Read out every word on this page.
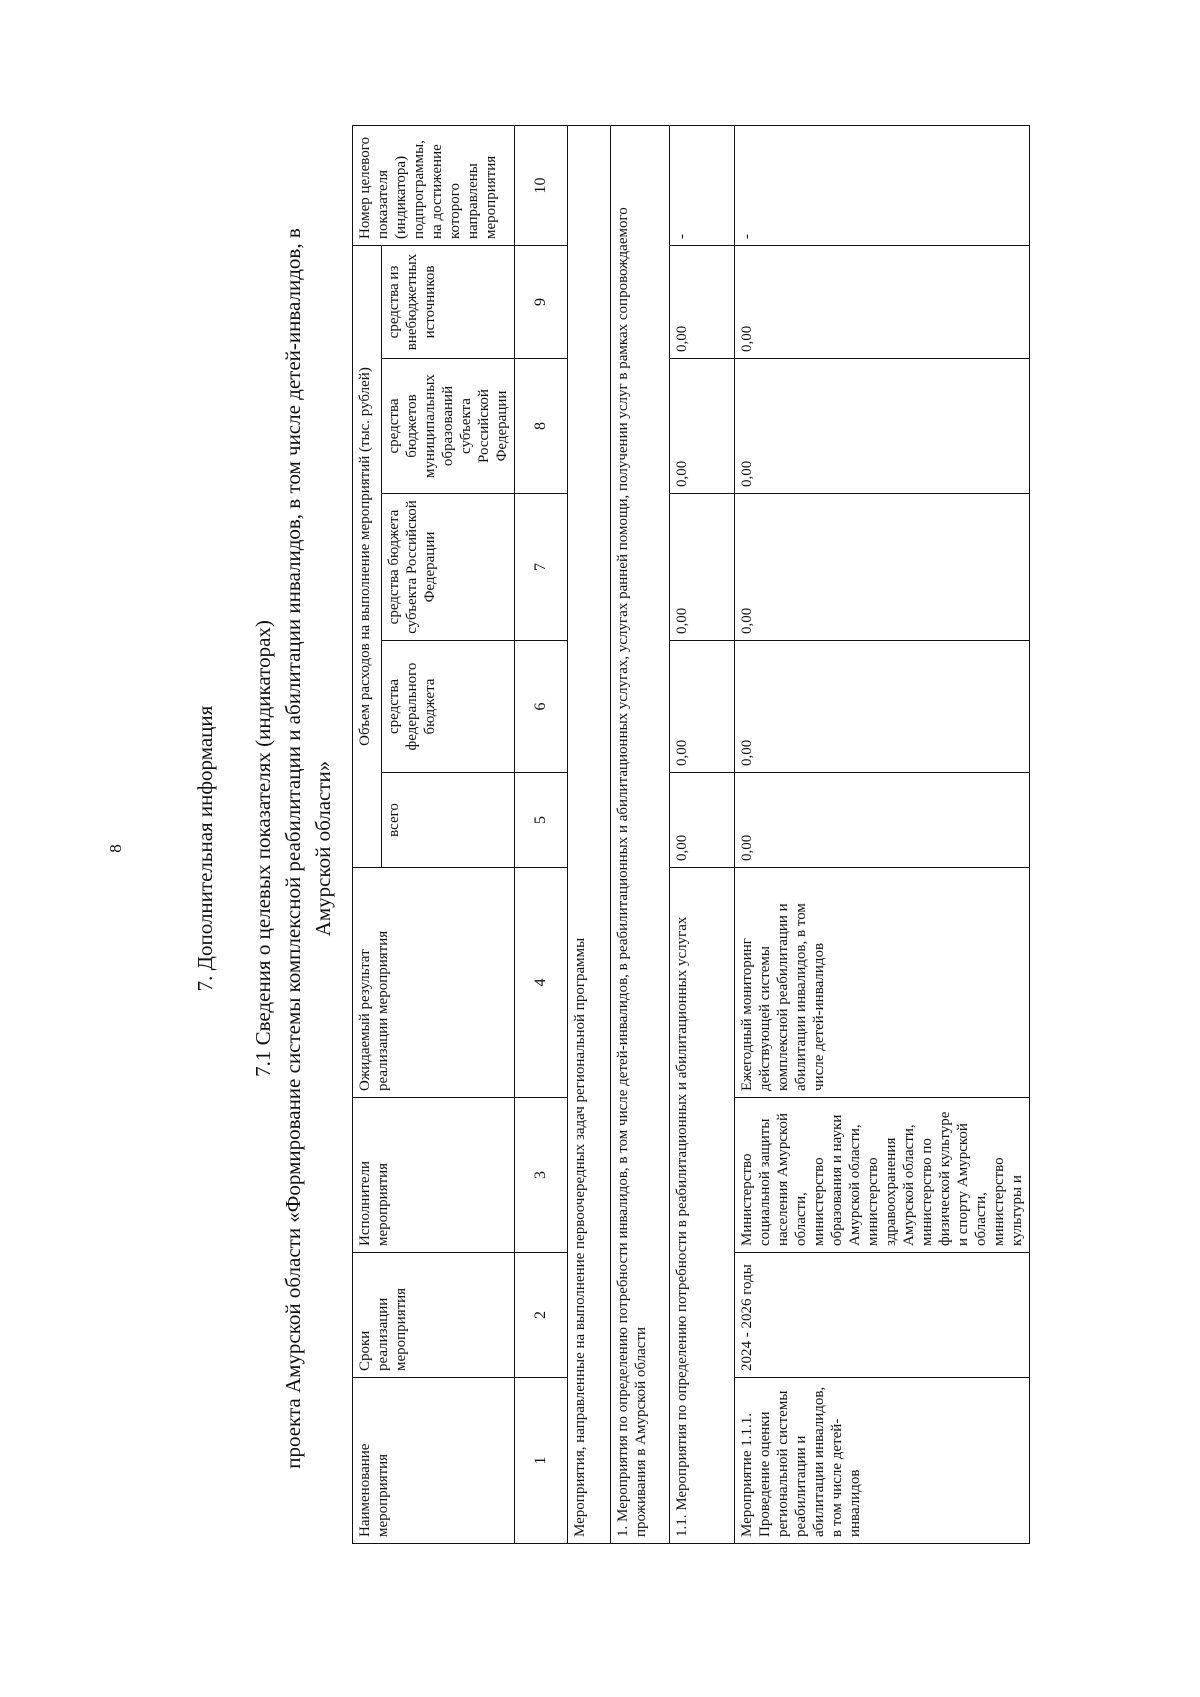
8	7. Дополнительная информация 7.1 Сведения о целевых показателях (индикаторах) проекта Амурской области «Формирование системы комплексной реабилитации и абилитации инвалидов, в том числе детей-инвалидов, в Амурской области»
Наименование мероприятия	Сроки реализации мероприятия	Исполнители мероприятия	Ожидаемый результат реализации мероприятия	Объем расходов на выполнение мероприятий (тыс. рублей)					Номер целевого показателя (индикатора) подпрограммы, на достижение которого направлены мероприятия
				всего	средства федерального бюджета	средства бюджета субъекта Российской Федерации	средства бюджетов муниципальных образований субъекта Российской Федерации	средства из внебюджетных источников	
1	2	3	4	5	6	7	8	9	10
Мероприятия, направленные на выполнение первоочередных задач региональной программы									
1. Мероприятия по определению потребности инвалидов, в том числе детей-инвалидов, в реабилитационных и абилитационных услугах, услугах ранней помощи, получении услуг в рамках сопровождаемого проживания в Амурской области									
1.1. Мероприятия по определению потребности в реабилитационных и абилитационных услугах				0,00	0,00	0,00	0,00	0,00	-
Мероприятие 1.1.1. Проведение оценки региональной системы реабилитации и абилитации инвалидов, в том числе детей-инвалидов	2024 - 2026 годы	Министерство социальной защиты населения Амурской области, министерство образования и науки Амурской области, министерство здравоохранения Амурской области, министерство по физической культуре и спорту Амурской области, министерство культуры и	Ежегодный мониторинг действующей системы комплексной реабилитации и абилитации инвалидов, в том числе детей-инвалидов	0,00	0,00	0,00	0,00	0,00	-
